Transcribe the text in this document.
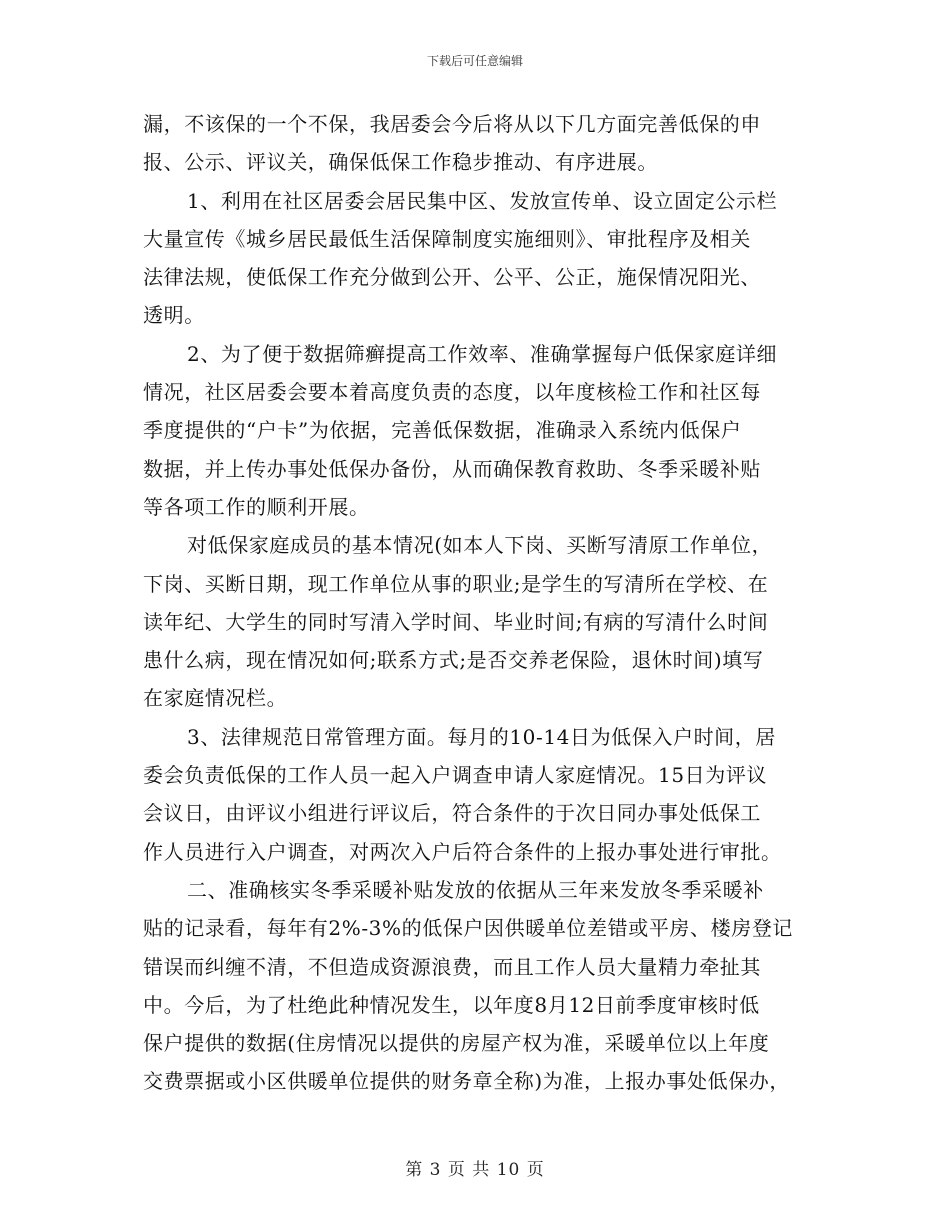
下载后可任意编辑
漏，不该保的一个不保，我居委会今后将从以下几方面完善低保的申
报、公示、评议关，确保低保工作稳步推动、有序进展。
1、利用在社区居委会居民集中区、发放宣传单、设立固定公示栏
大量宣传《城乡居民最低生活保障制度实施细则》、审批程序及相关
法律法规，使低保工作充分做到公开、公平、公正，施保情况阳光、
透明。
2、为了便于数据筛癣提高工作效率、准确掌握每户低保家庭详细
情况，社区居委会要本着高度负责的态度，以年度核检工作和社区每
季度提供的“户卡”为依据，完善低保数据，准确录入系统内低保户
数据，并上传办事处低保办备份，从而确保教育救助、冬季采暖补贴
等各项工作的顺利开展。
对低保家庭成员的基本情况(如本人下岗、买断写清原工作单位，
下岗、买断日期，现工作单位从事的职业;是学生的写清所在学校、在
读年纪、大学生的同时写清入学时间、毕业时间;有病的写清什么时间
患什么病，现在情况如何;联系方式;是否交养老保险，退休时间)填写
在家庭情况栏。
3、法律规范日常管理方面。每月的10-14日为低保入户时间，居
委会负责低保的工作人员一起入户调查申请人家庭情况。15日为评议
会议日，由评议小组进行评议后，符合条件的于次日同办事处低保工
作人员进行入户调查，对两次入户后符合条件的上报办事处进行审批。
二、准确核实冬季采暖补贴发放的依据从三年来发放冬季采暖补
贴的记录看，每年有2%-3%的低保户因供暖单位差错或平房、楼房登记
错误而纠缠不清，不但造成资源浪费，而且工作人员大量精力牵扯其
中。今后，为了杜绝此种情况发生，以年度8月12日前季度审核时低
保户提供的数据(住房情况以提供的房屋产权为准，采暖单位以上年度
交费票据或小区供暖单位提供的财务章全称)为准，上报办事处低保办，
第 3 页 共 10 页
